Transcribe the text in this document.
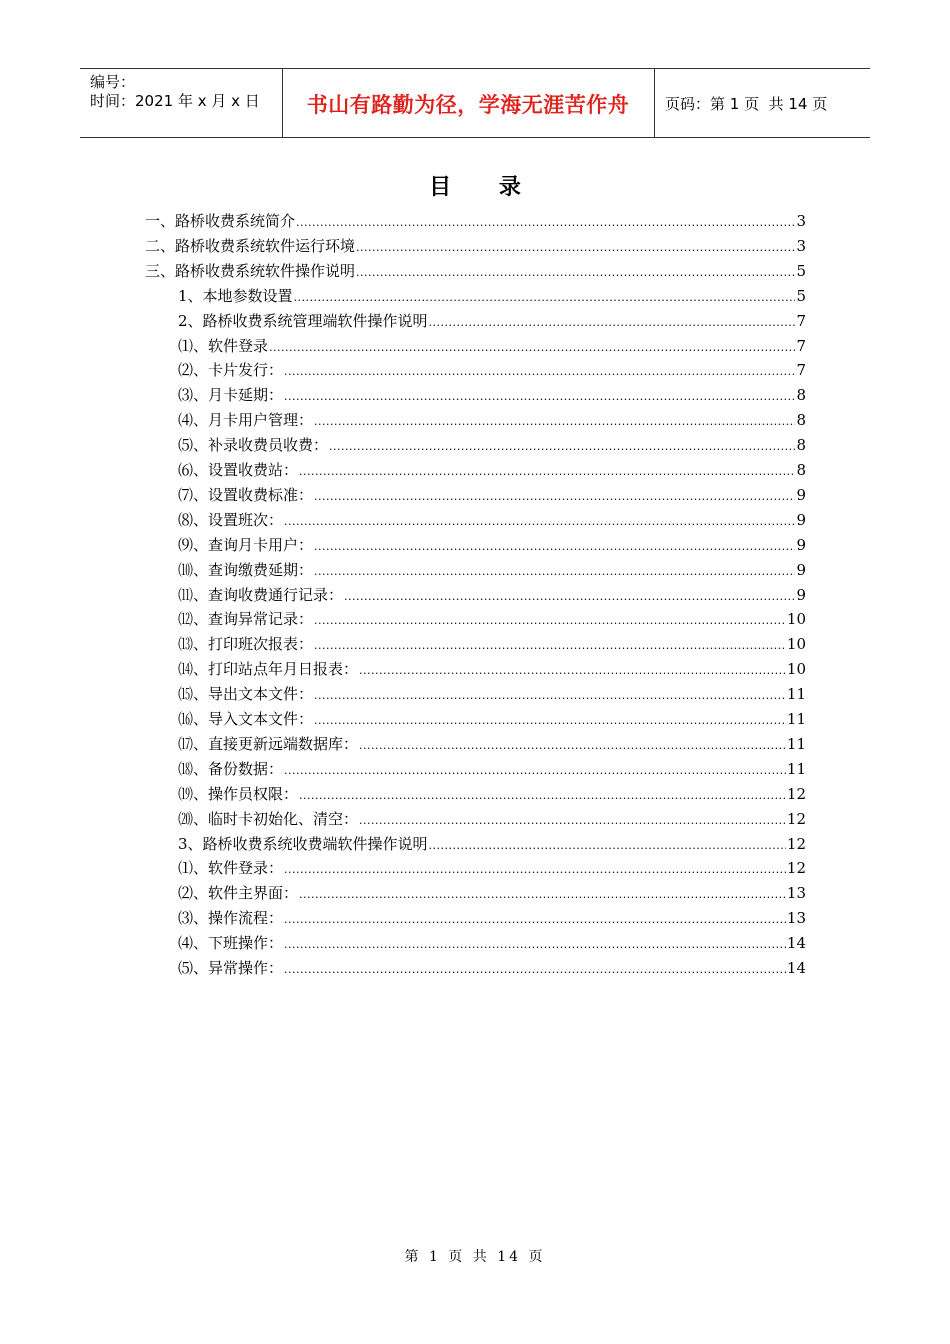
编号：
时间：2021 年 x 月 x 日	书山有路勤为径，学海无涯苦作舟	页码：第 1 页  共 14 页
目 录
一、路桥收费系统简介 .....	3
二、路桥收费系统软件运行环境 .....	3
三、路桥收费系统软件操作说明 .....	5
1、本地参数设置 .....	5
2、路桥收费系统管理端软件操作说明 .....	7
⑴、软件登录 .....	7
⑵、卡片发行： .....	7
⑶、月卡延期： .....	8
⑷、月卡用户管理： .....	8
⑸、补录收费员收费： .....	8
⑹、设置收费站： .....	8
⑺、设置收费标准： .....	9
⑻、设置班次： .....	9
⑼、查询月卡用户： .....	9
⑽、查询缴费延期： .....	9
⑾、查询收费通行记录： .....	9
⑿、查询异常记录： .....	10
⒀、打印班次报表： .....	10
⒁、打印站点年月日报表： .....	10
⒂、导出文本文件： .....	11
⒃、导入文本文件： .....	11
⒄、直接更新远端数据库： .....	11
⒅、备份数据： .....	11
⒆、操作员权限： .....	12
⒇、临时卡初始化、清空： .....	12
3、路桥收费系统收费端软件操作说明 .....	12
⑴、软件登录： .....	12
⑵、软件主界面： .....	13
⑶、操作流程： .....	13
⑷、下班操作： .....	14
⑸、异常操作： .....	14
第 1 页 共 14 页
